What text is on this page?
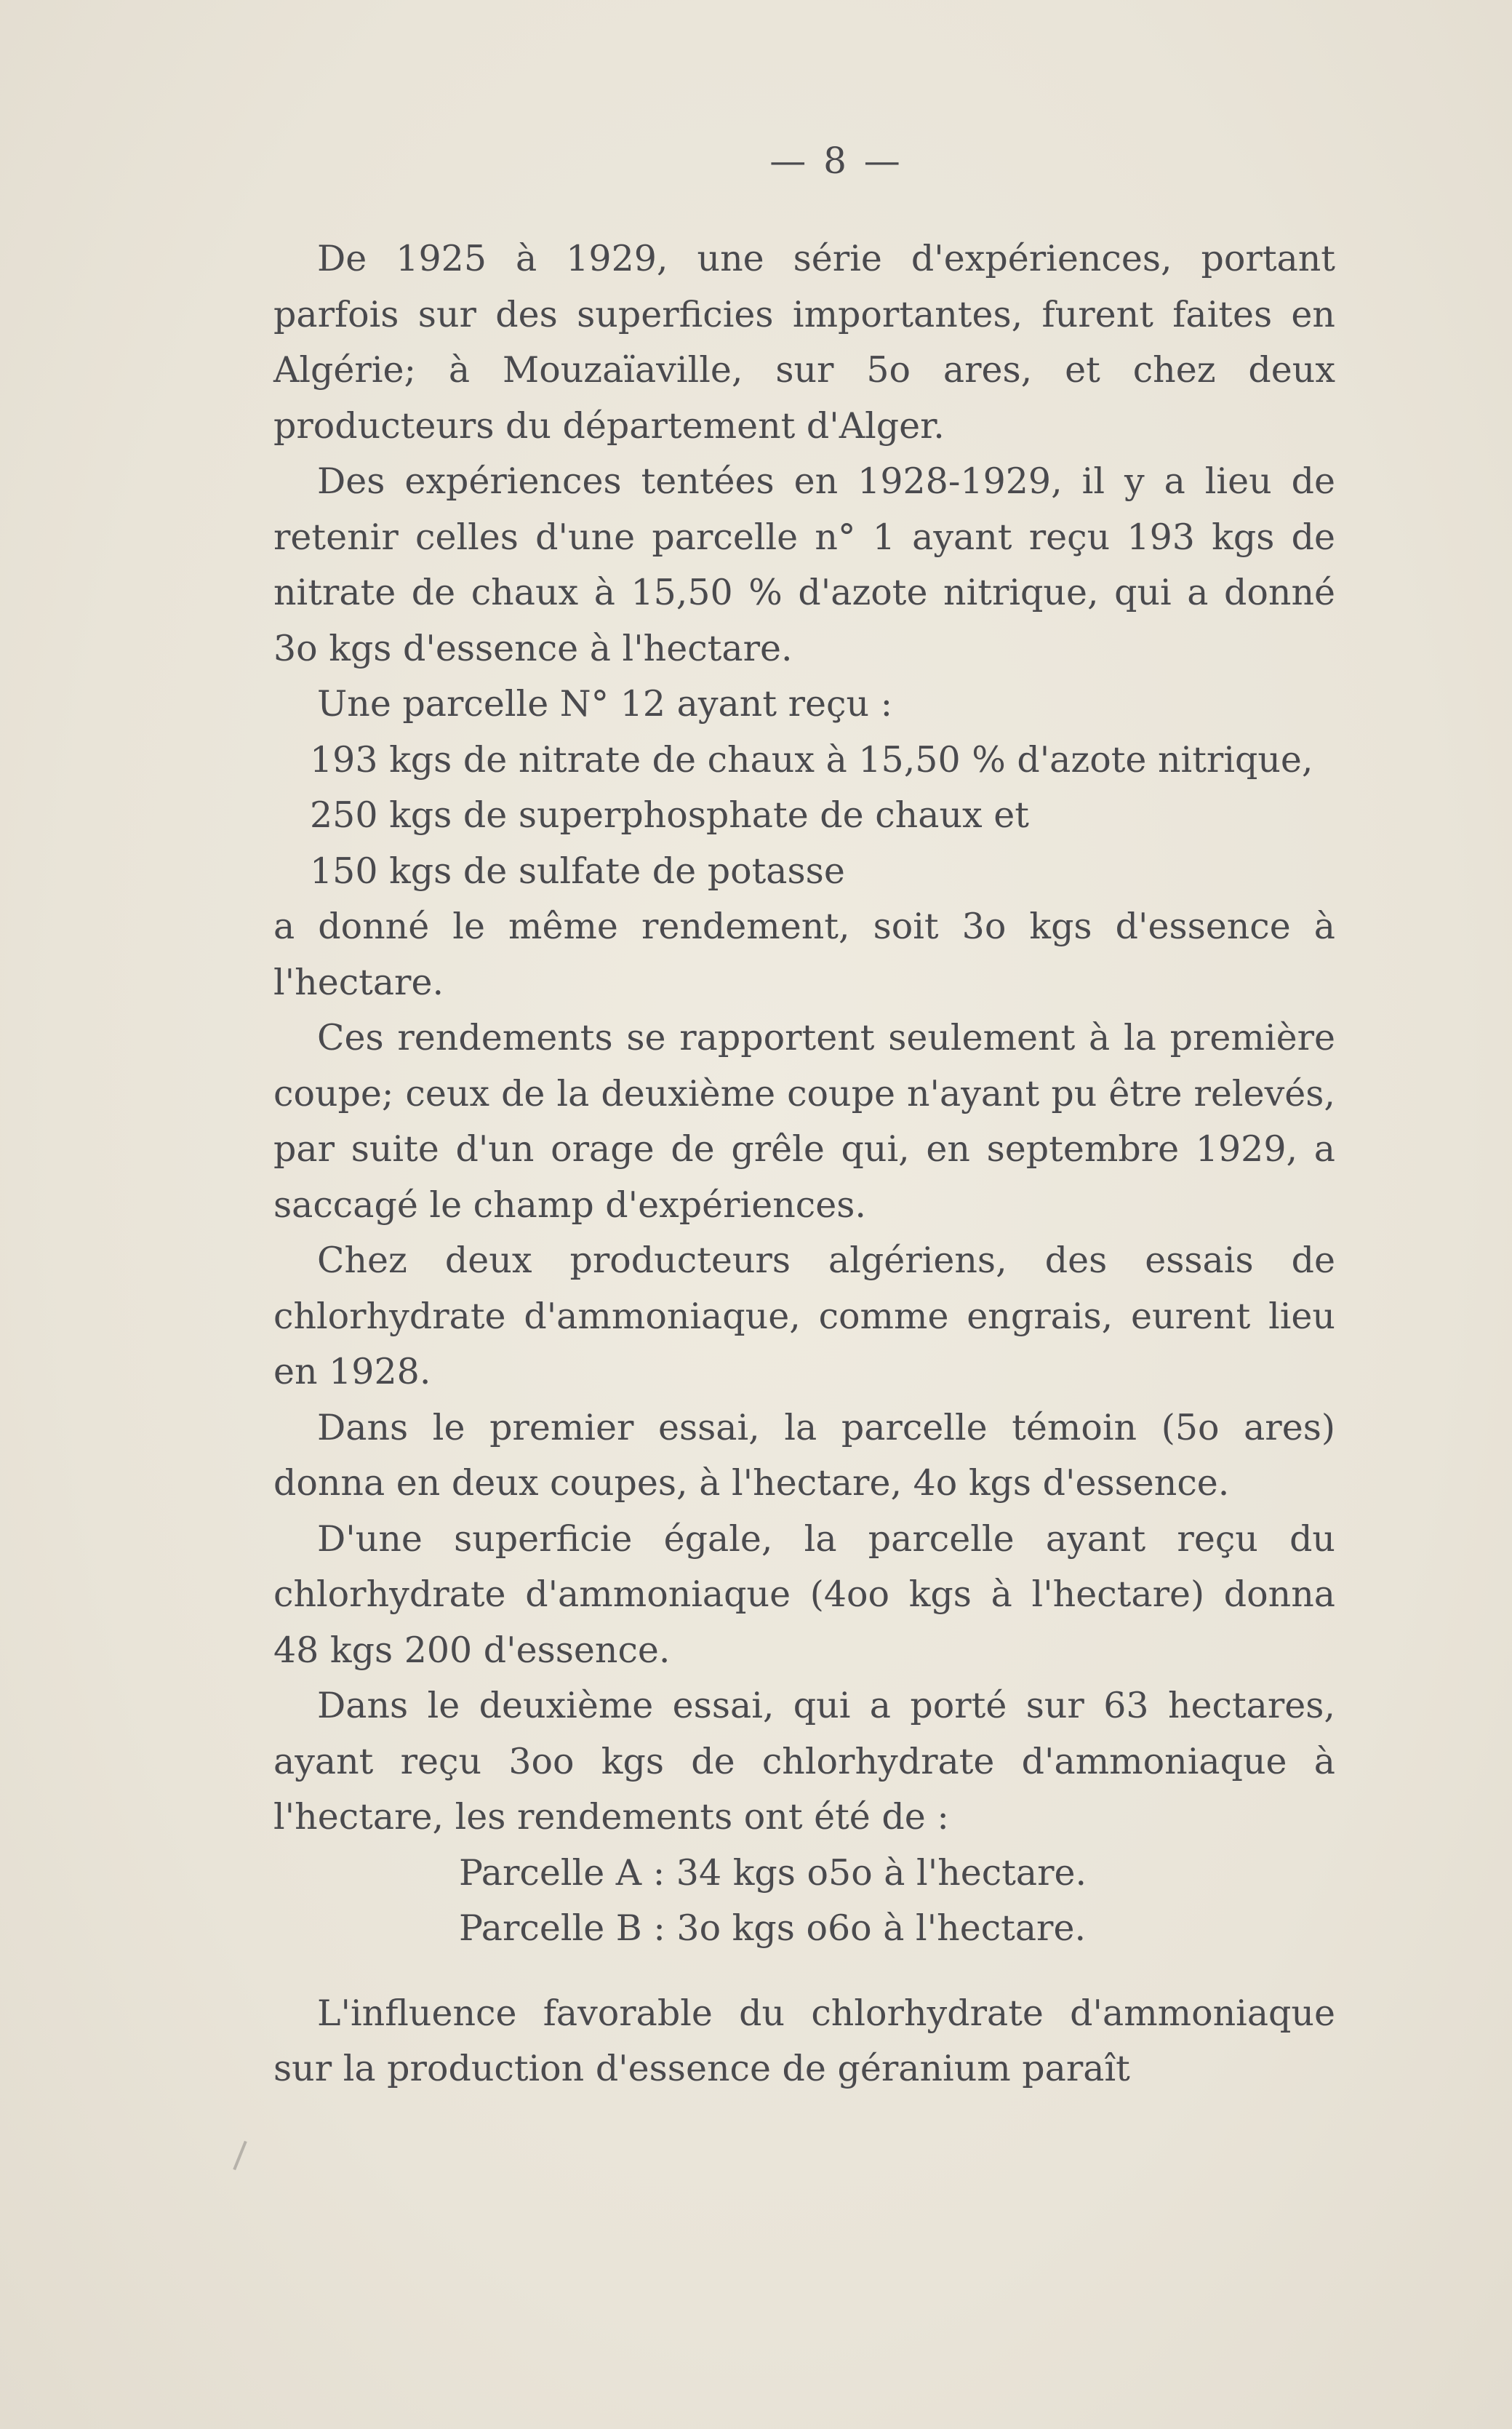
— 8 —

De 1925 à 1929, une série d'expériences, portant parfois sur des superficies importantes, furent faites en Algérie; à Mouzaïaville, sur 5o ares, et chez deux producteurs du département d'Alger.

Des expériences tentées en 1928-1929, il y a lieu de retenir celles d'une parcelle n° 1 ayant reçu 193 kgs de nitrate de chaux à 15,50 % d'azote nitrique, qui a donné 3o kgs d'essence à l'hectare.

Une parcelle N° 12 ayant reçu :

193 kgs de nitrate de chaux à 15,50 % d'azote nitrique,

250 kgs de superphosphate de chaux et

150 kgs de sulfate de potasse

a donné le même rendement, soit 3o kgs d'essence à l'hectare.

Ces rendements se rapportent seulement à la première coupe; ceux de la deuxième coupe n'ayant pu être relevés, par suite d'un orage de grêle qui, en septembre 1929, a saccagé le champ d'expériences.

Chez deux producteurs algériens, des essais de chlorhydrate d'ammoniaque, comme engrais, eurent lieu en 1928.

Dans le premier essai, la parcelle témoin (5o ares) donna en deux coupes, à l'hectare, 4o kgs d'essence.

D'une superficie égale, la parcelle ayant reçu du chlorhydrate d'ammoniaque (4oo kgs à l'hectare) donna 48 kgs 200 d'essence.

Dans le deuxième essai, qui a porté sur 63 hectares, ayant reçu 3oo kgs de chlorhydrate d'ammoniaque à l'hectare, les rendements ont été de :

Parcelle A : 34 kgs o5o à l'hectare.

Parcelle B : 3o kgs o6o à l'hectare.

L'influence favorable du chlorhydrate d'ammoniaque sur la production d'essence de géranium paraît
